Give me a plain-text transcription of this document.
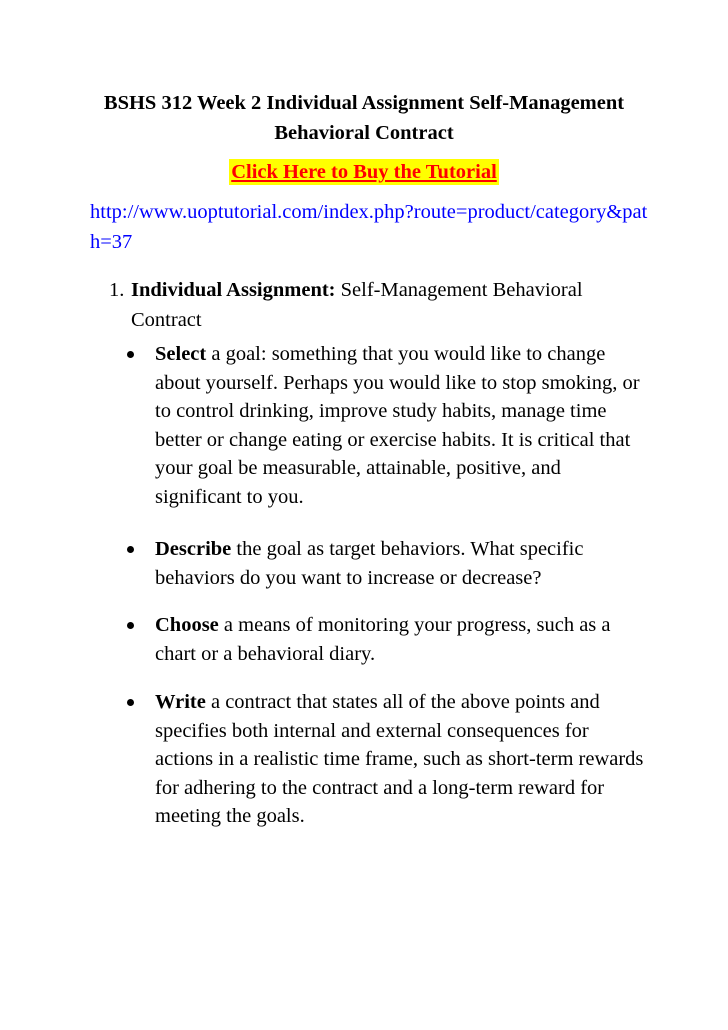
BSHS 312 Week 2 Individual Assignment Self-Management Behavioral Contract
Click Here to Buy the Tutorial
http://www.uoptutorial.com/index.php?route=product/category&path=37
1. Individual Assignment: Self-Management Behavioral Contract
Select a goal: something that you would like to change about yourself. Perhaps you would like to stop smoking, or to control drinking, improve study habits, manage time better or change eating or exercise habits. It is critical that your goal be measurable, attainable, positive, and significant to you.
Describe the goal as target behaviors. What specific behaviors do you want to increase or decrease?
Choose a means of monitoring your progress, such as a chart or a behavioral diary.
Write a contract that states all of the above points and specifies both internal and external consequences for actions in a realistic time frame, such as short-term rewards for adhering to the contract and a long-term reward for meeting the goals.
